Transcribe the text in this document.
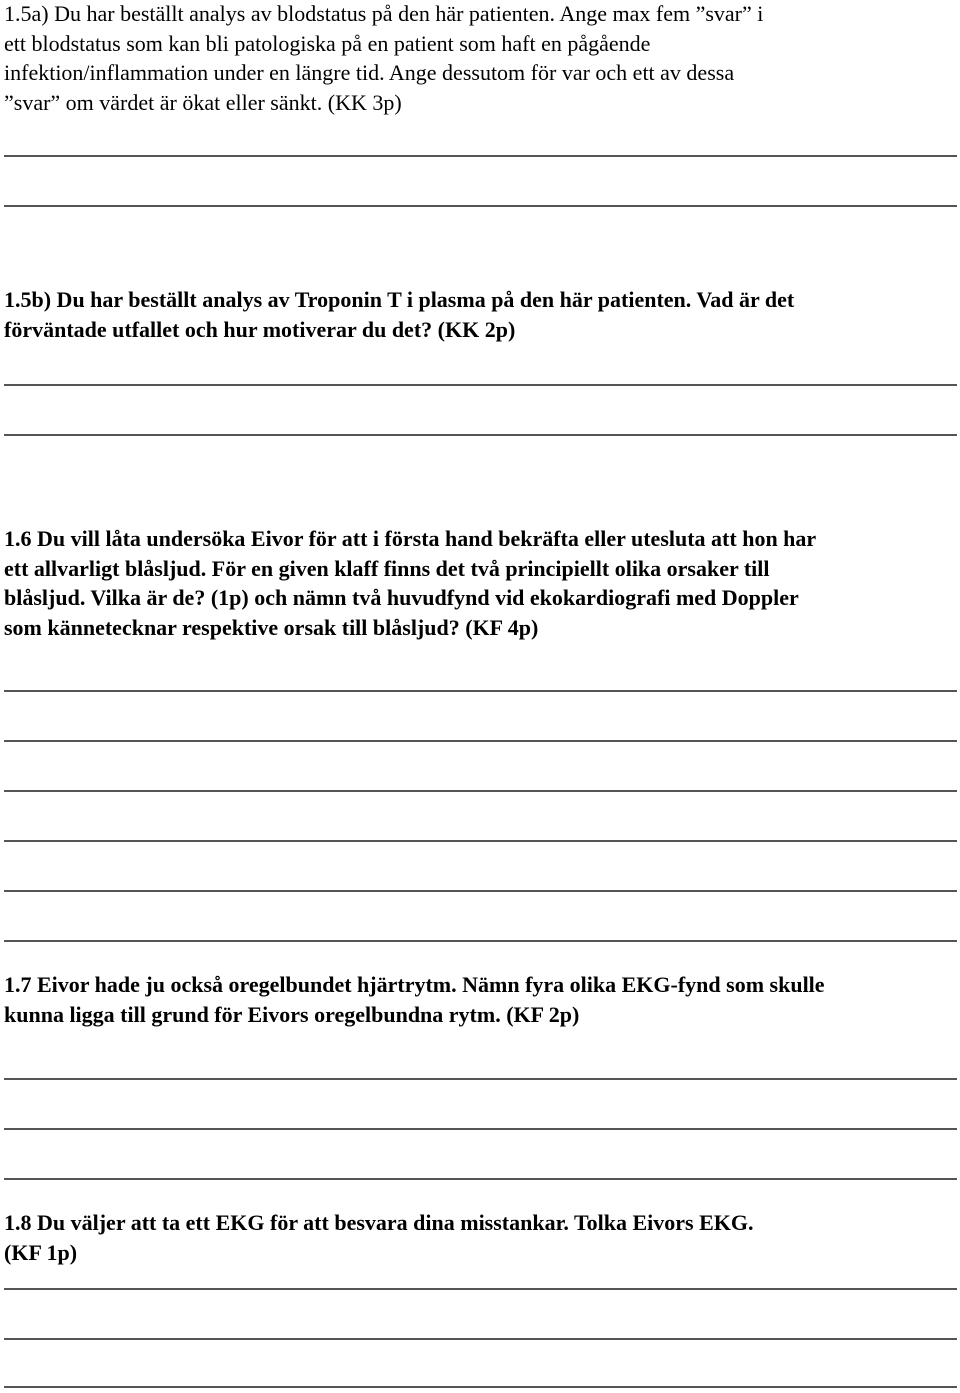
1.5a) Du har beställt analys av blodstatus på den här patienten. Ange max fem ”svar” i
ett blodstatus som kan bli patologiska på en patient som haft en pågående
infektion/inflammation under en längre tid. Ange dessutom för var och ett av dessa
”svar” om värdet är ökat eller sänkt. (KK 3p)
1.5b) Du har beställt analys av Troponin T i plasma på den här patienten. Vad är det
förväntade utfallet och hur motiverar du det? (KK 2p)
1.6 Du vill låta undersöka Eivor för att i första hand bekräfta eller utesluta att hon har
ett allvarligt blåsljud. För en given klaff finns det två principiellt olika orsaker till
blåsljud. Vilka är de? (1p) och nämn två huvudfynd vid ekokardiografi med Doppler
som kännetecknar respektive orsak till blåsljud? (KF 4p)
1.7 Eivor hade ju också oregelbundet hjärtrytm. Nämn fyra olika EKG-fynd som skulle
kunna ligga till grund för Eivors oregelbundna rytm. (KF 2p)
1.8 Du väljer att ta ett EKG för att besvara dina misstankar. Tolka Eivors EKG.
(KF 1p)
